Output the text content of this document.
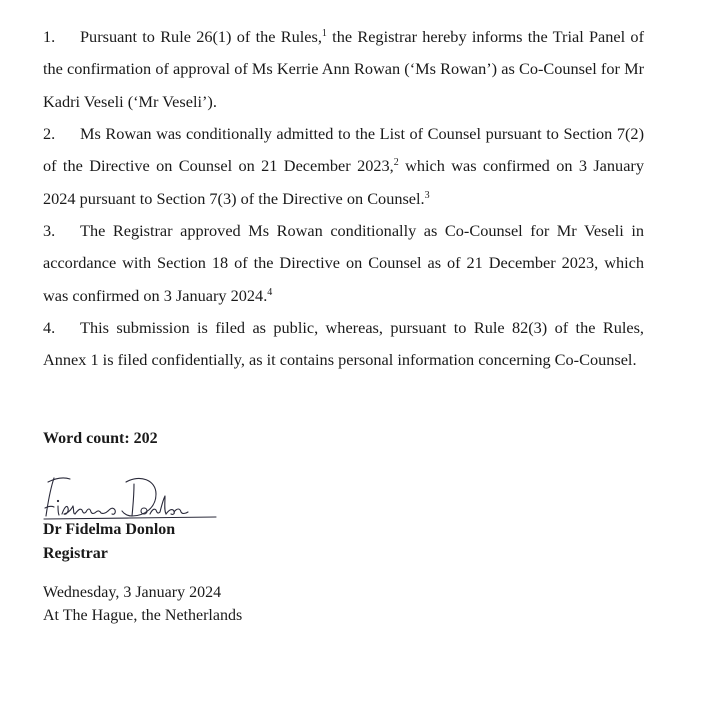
1. Pursuant to Rule 26(1) of the Rules,$^1$ the Registrar hereby informs the Trial Panel of the confirmation of approval of Ms Kerrie Ann Rowan (‘Ms Rowan’) as Co-Counsel for Mr Kadri Veseli (‘Mr Veseli’).

2. Ms Rowan was conditionally admitted to the List of Counsel pursuant to Section 7(2) of the Directive on Counsel on 21 December 2023,$^2$ which was confirmed on 3 January 2024 pursuant to Section 7(3) of the Directive on Counsel.$^3$

3. The Registrar approved Ms Rowan conditionally as Co-Counsel for Mr Veseli in accordance with Section 18 of the Directive on Counsel as of 21 December 2023, which was confirmed on 3 January 2024.$^4$

4. This submission is filed as public, whereas, pursuant to Rule 82(3) of the Rules, Annex 1 is filed confidentially, as it contains personal information concerning Co-Counsel.

Word count: 202

Dr Fidelma Donlon

Registrar

Wednesday, 3 January 2024

At The Hague, the Netherlands
